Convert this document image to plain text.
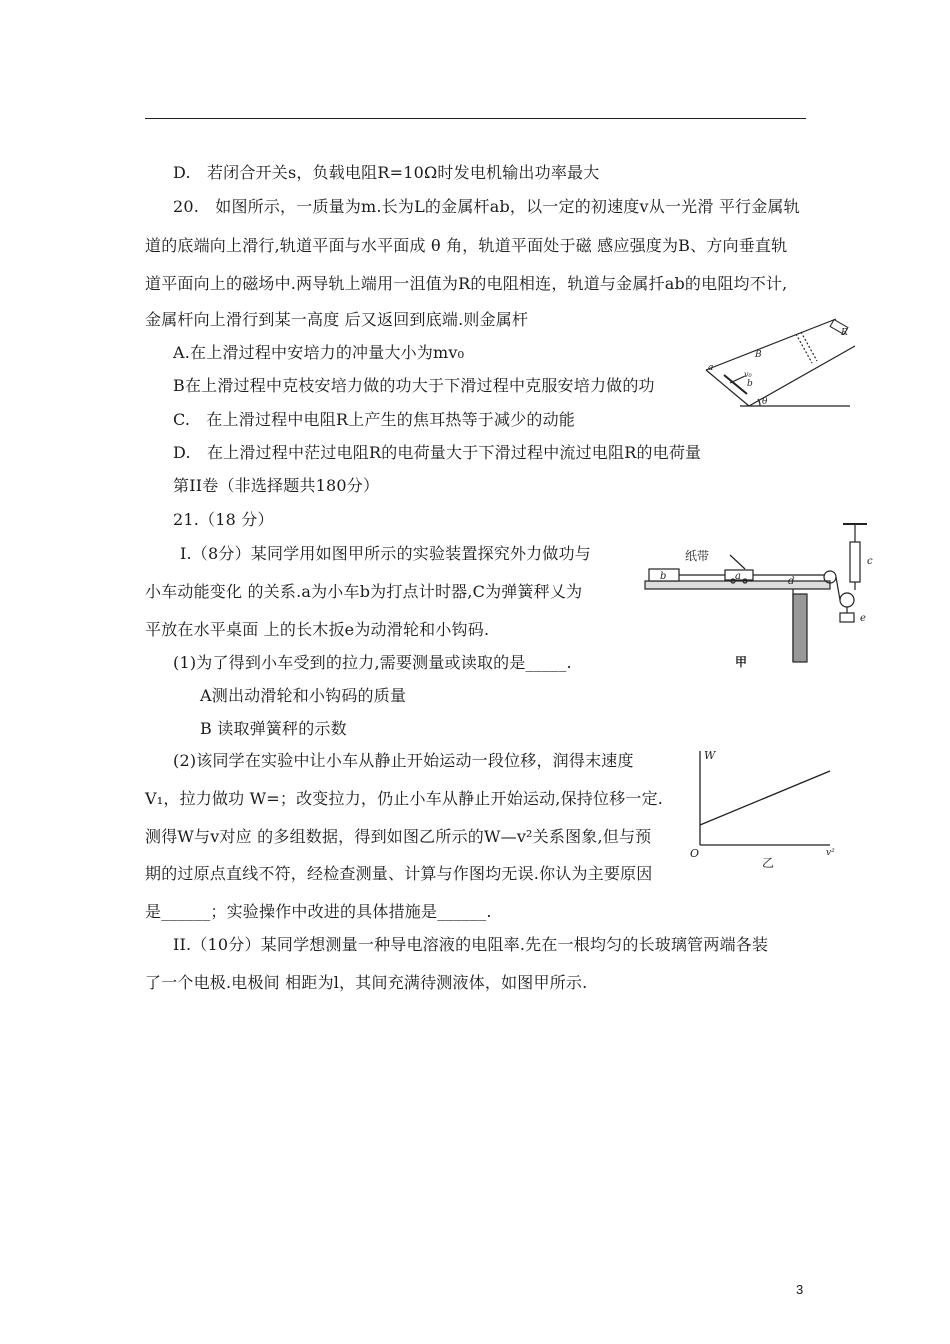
D.　若闭合开关s，负载电阻R=10Ω时发电机输出功率最大
20.　如图所示，一质量为m.长为L的金属杆ab，以一定的初速度v从一光滑 平行金属轨
道的底端向上滑行,轨道平面与水平面成 θ 角，轨道平面处于磁 感应强度为B、方向垂直轨
道平面向上的磁场中.两导轨上端用一沮值为R的电阻相连，轨道与金属扦ab的电阻均不计,
金属杆向上滑行到某一高度 后又返回到底端.则金属杆
A.在上滑过程中安培力的冲量大小为mv₀
B在上滑过程中克枝安培力做的功大于下滑过程中克服安培力做的功
C.　在上滑过程中电阻R上产生的焦耳热等于减少的动能
D.　在上滑过程中茫过电阻R的电荷量大于下滑过程中流过电阻R的电荷量
第II卷（非选择题共180分）
21.（18 分）
I.（8分）某同学用如图甲所示的实验装置探究外力做功与
小车动能变化 的关系.a为小车b为打点计时器,C为弹簧秤乂为
平放在水平桌面 上的长木扳e为动滑轮和小钩码.
(1)为了得到小车受到的拉力,需要测量或读取的是_____.
A测出动滑轮和小钩码的质量
B 读取弹簧秤的示数
(2)该同学在实验中让小车从静止开始运动一段位移，润得末速度
V₁，拉力做功 W=；改变拉力，仍止小车从静止开始运动,保持位移一定.
测得W与v对应 的多组数据，得到如图乙所示的W—v²关系图象,但与预
期的过原点直线不符，经检查测量、计算与作图均无误.你认为主要原因
是______；实验操作中改进的具体措施是______.
II.（10分）某同学想测量一种导电溶液的电阻率.先在一根均匀的长玻璃管两端各装
了一个电极.电极间 相距为l，其间充满待测液体，如图甲所示.
B
R
a
b
v₀
θ
纸带
a
b
c
d
e
甲
W
O	v²
乙
3
